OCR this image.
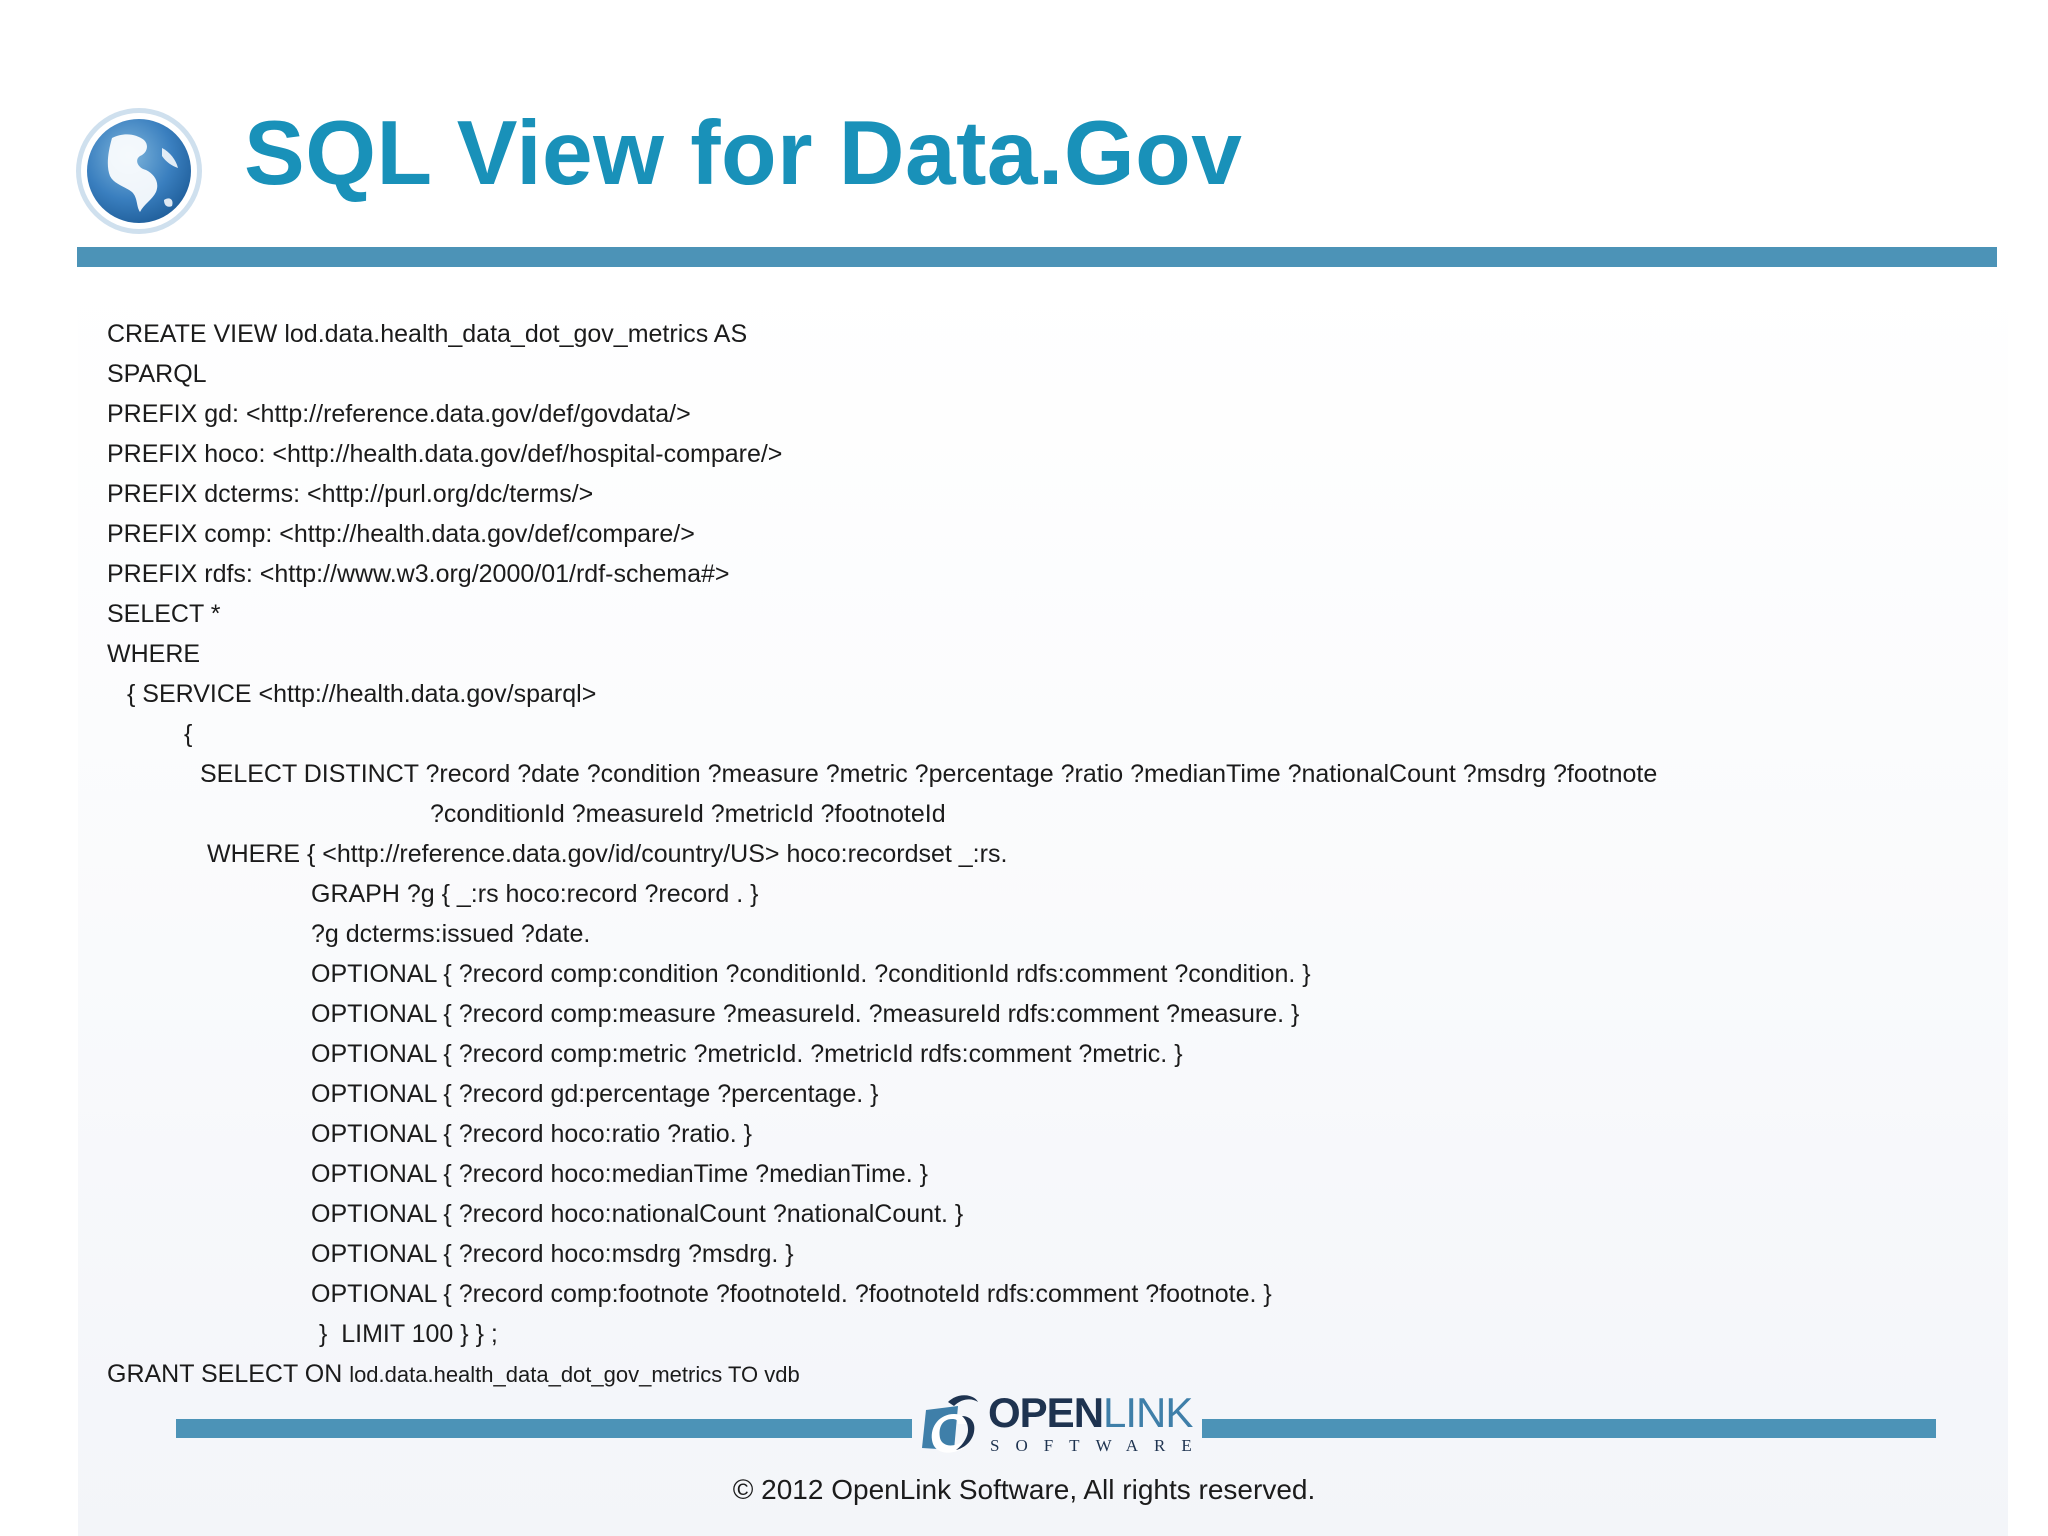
SQL View for Data.Gov
CREATE VIEW lod.data.health_data_dot_gov_metrics AS
SPARQL
PREFIX gd: <http://reference.data.gov/def/govdata/>
PREFIX hoco: <http://health.data.gov/def/hospital-compare/>
PREFIX dcterms: <http://purl.org/dc/terms/>
PREFIX comp: <http://health.data.gov/def/compare/>
PREFIX rdfs: <http://www.w3.org/2000/01/rdf-schema#>
SELECT *
WHERE
{ SERVICE <http://health.data.gov/sparql>
{
SELECT DISTINCT ?record ?date ?condition ?measure ?metric ?percentage ?ratio ?medianTime ?nationalCount ?msdrg ?footnote
?conditionId ?measureId ?metricId ?footnoteId
WHERE { <http://reference.data.gov/id/country/US> hoco:recordset _:rs.
GRAPH ?g { _:rs hoco:record ?record . }
?g dcterms:issued ?date.
OPTIONAL { ?record comp:condition ?conditionId. ?conditionId rdfs:comment ?condition. }
OPTIONAL { ?record comp:measure ?measureId. ?measureId rdfs:comment ?measure. }
OPTIONAL { ?record comp:metric ?metricId. ?metricId rdfs:comment ?metric. }
OPTIONAL { ?record gd:percentage ?percentage. }
OPTIONAL { ?record hoco:ratio ?ratio. }
OPTIONAL { ?record hoco:medianTime ?medianTime. }
OPTIONAL { ?record hoco:nationalCount ?nationalCount. }
OPTIONAL { ?record hoco:msdrg ?msdrg. }
OPTIONAL { ?record comp:footnote ?footnoteId. ?footnoteId rdfs:comment ?footnote. }
}  LIMIT 100 } } ;
GRANT SELECT ON lod.data.health_data_dot_gov_metrics TO vdb
OPENLINK
SOFTWARE
© 2012 OpenLink Software, All rights reserved.
